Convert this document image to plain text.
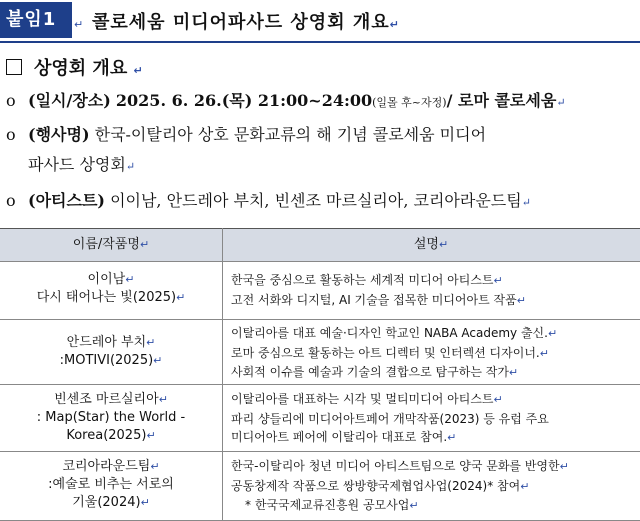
붙임1	↵ 콜로세움 미디어파사드 상영회 개요↵
상영회 개요 ↵
ο (일시/장소) 2025. 6. 26.(목) 21:00~24:00(일몰 후~자정)/ 로마 콜로세움↵
ο (행사명) 한국-이탈리아 상호 문화교류의 해 기념 콜로세움 미디어
파사드 상영회↵
ο (아티스트) 이이남, 안드레아 부치, 빈센조 마르실리아, 코리아라운드팀↵
이름/작품명↵	설명↵
이이남↵
다시 태어나는 빛(2025)↵
한국을 중심으로 활동하는 세계적 미디어 아티스트↵
고전 서화와 디지털, AI 기술을 접목한 미디어아트 작품↵
안드레아 부치↵
:MOTIVI(2025)↵
이탈리아를 대표 예술·디자인 학교인 NABA Academy 출신.↵
로마 중심으로 활동하는 아트 디렉터 및 인터렉션 디자이너.↵
사회적 이슈를 예술과 기술의 결합으로 탐구하는 작가↵
빈센조 마르실리아↵
: Map(Star) the World -
Korea(2025)↵
이탈리아를 대표하는 시각 및 멀티미디어 아티스트↵
파리 샹들리에 미디어아트페어 개막작품(2023) 등 유럽 주요
미디어아트 페어에 이탈리아 대표로 참여.↵
코리아라운드팀↵
:예술로 비추는 서로의
기울(2024)↵
한국-이탈리아 청년 미디어 아티스트팀으로 양국 문화를 반영한↵
공동창제작 작품으로 쌍방향국제협업사업(2024)* 참여↵
* 한국국제교류진흥원 공모사업↵
